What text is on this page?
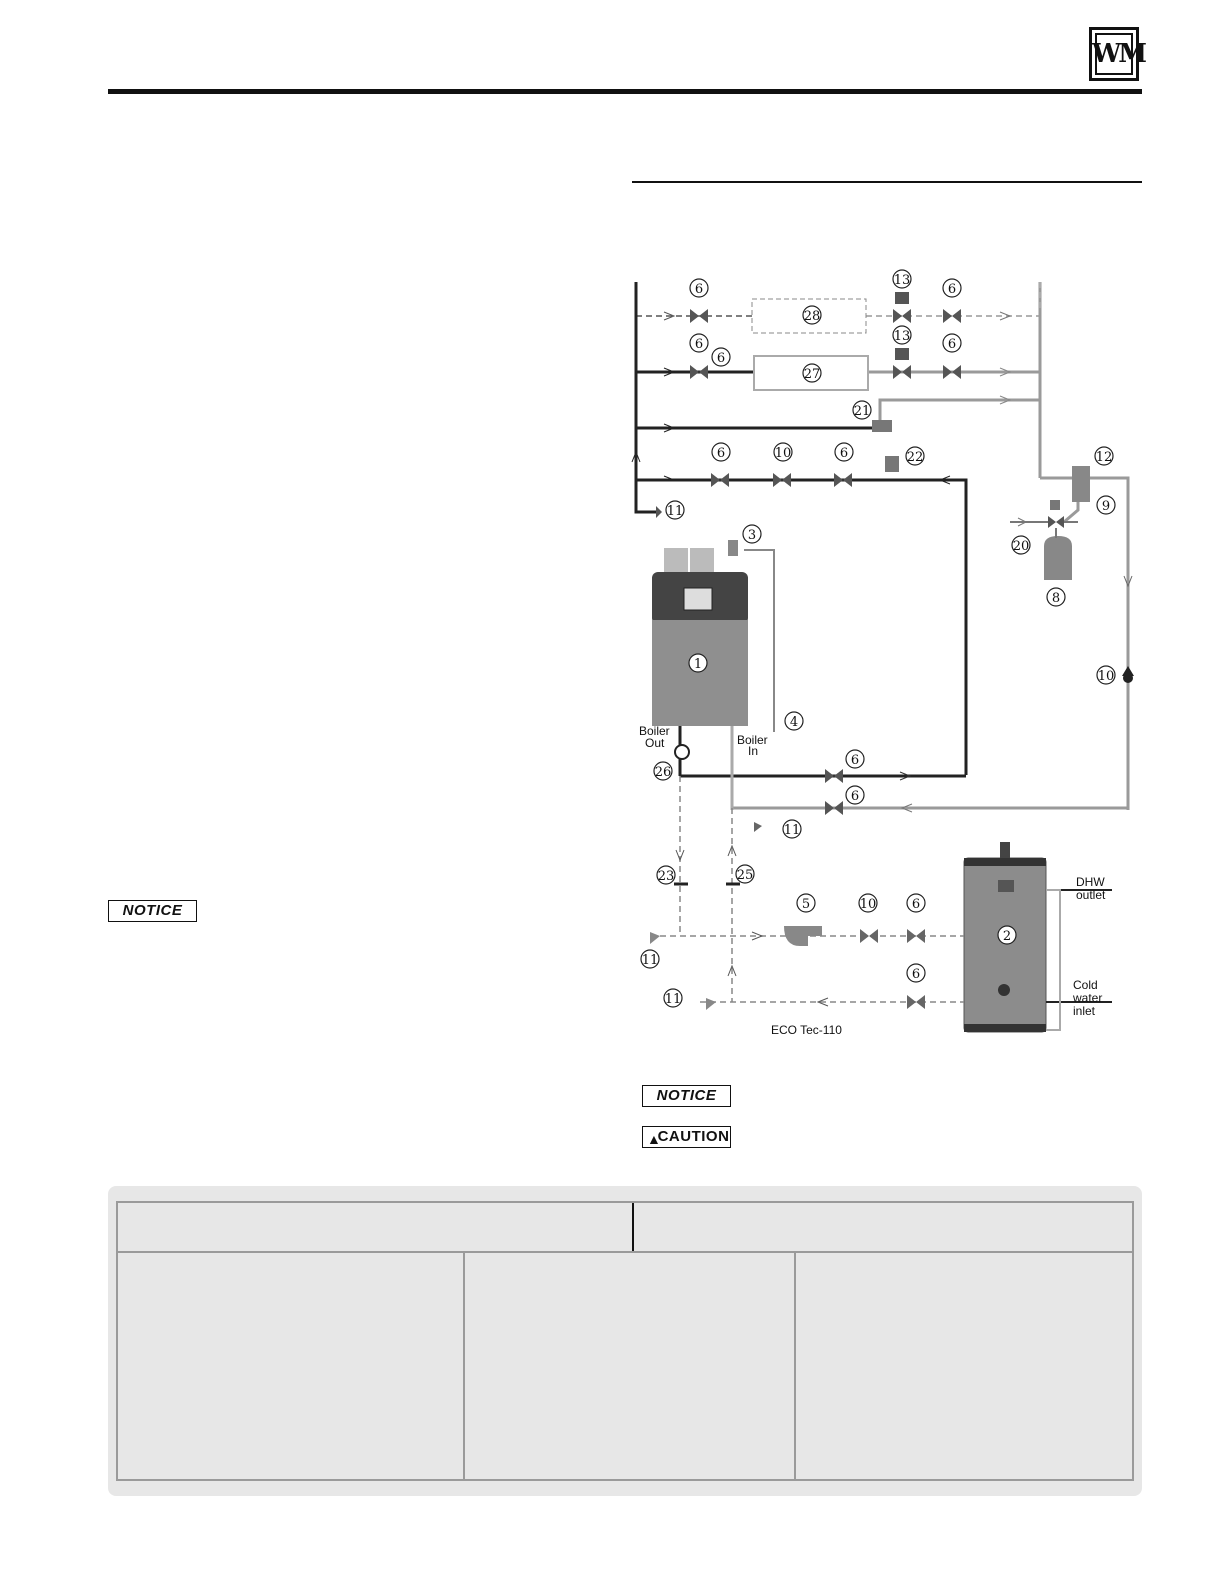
WM
NOTICE
6
13
6
28
13
6
6
6
27
21
6	10	6	22	12
9
11
3
20
8
1
10
4
6
26
6
11
23	25
5	10	6
2
11
6
11
Boiler
Out	Boiler
In
DHW
outlet
Cold
water
inlet
ECO Tec-110
NOTICE
▲
CAUTION
